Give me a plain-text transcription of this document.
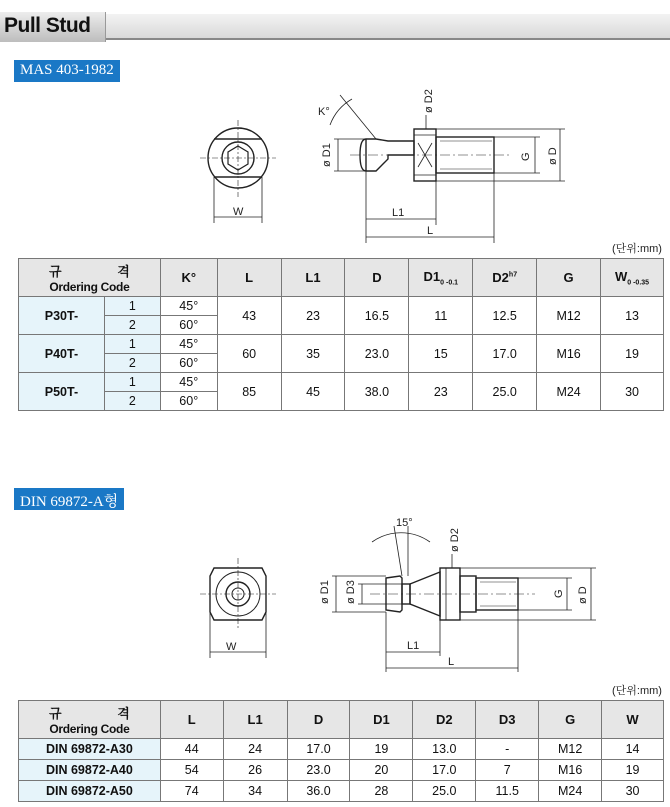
Pull Stud
MAS 403-1982
W	L1
L
K°
ø D1
ø D2
G ø D
(단위:mm)
규 격
Ordering Code		K°	L	L1	D	$D1_{0 -0.1}$	$D2^{h7}$	G	$W_{0 -0.35}$
P30T-	1	45°	43	23	16.5	11	12.5	M12	13
	2	60°							
P40T-	1	45°	60	35	23.0	15	17.0	M16	19
	2	60°							
P50T-	1	45°	85	45	38.0	23	25.0	M24	30
	2	60°							
DIN 69872-A형
W	L1
L
15°
ø D1 ø D3
ø D2
G ø D
(단위:mm)
규 격
Ordering Code	L	L1	D	D1	D2	D3	G	W
DIN 69872-A30	44	24	17.0	19	13.0	-	M12	14
DIN 69872-A40	54	26	23.0	20	17.0	7	M16	19
DIN 69872-A50	74	34	36.0	28	25.0	11.5	M24	30
